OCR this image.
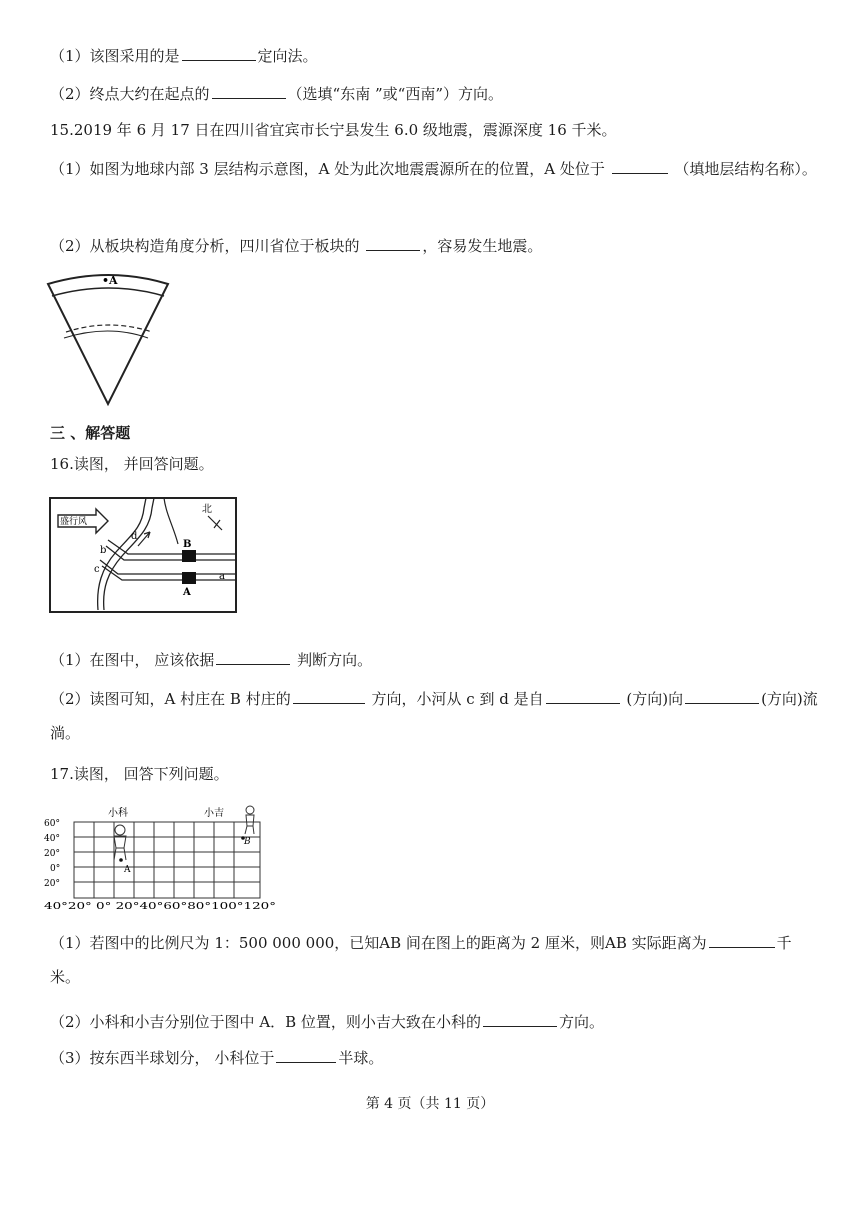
（1）该图采用的是	定向法。
（2）终点大约在起点的	（选填“东南 ”或“西南”）方向。
15.2019 年 6 月 17 日在四川省宜宾市长宁县发生 6.0 级地震，震源深度 16 千米。
（1）如图为地球内部 3 层结构示意图，A 处为此次地震震源所在的位置，A 处位于	（填地层结构名称）。
（2）从板块构造角度分析，四川省位于板块的	，容易发生地震。
•A
三 、解答题
16.读图， 并回答问题。
盛行风
北
d
b
c
B
A
a
（1）在图中， 应该依据	判断方向。
（2）读图可知，A 村庄在 B 村庄的	方向，小河从 c 到 d 是自	(方向)向	(方向)流淌。
17.读图， 回答下列问题。
小科	小吉
60°
40°
20°
0°
20°
40°20° 0° 20°40°60°80°100°120°
A
B
（1）若图中的比例尺为 1：500 000 000，已知AB 间在图上的距离为 2 厘米，则AB 实际距离为	千米。
（2）小科和小吉分别位于图中 A．B 位置，则小吉大致在小科的	方向。
（3）按东西半球划分， 小科位于	半球。
第 4 页（共 11 页）
